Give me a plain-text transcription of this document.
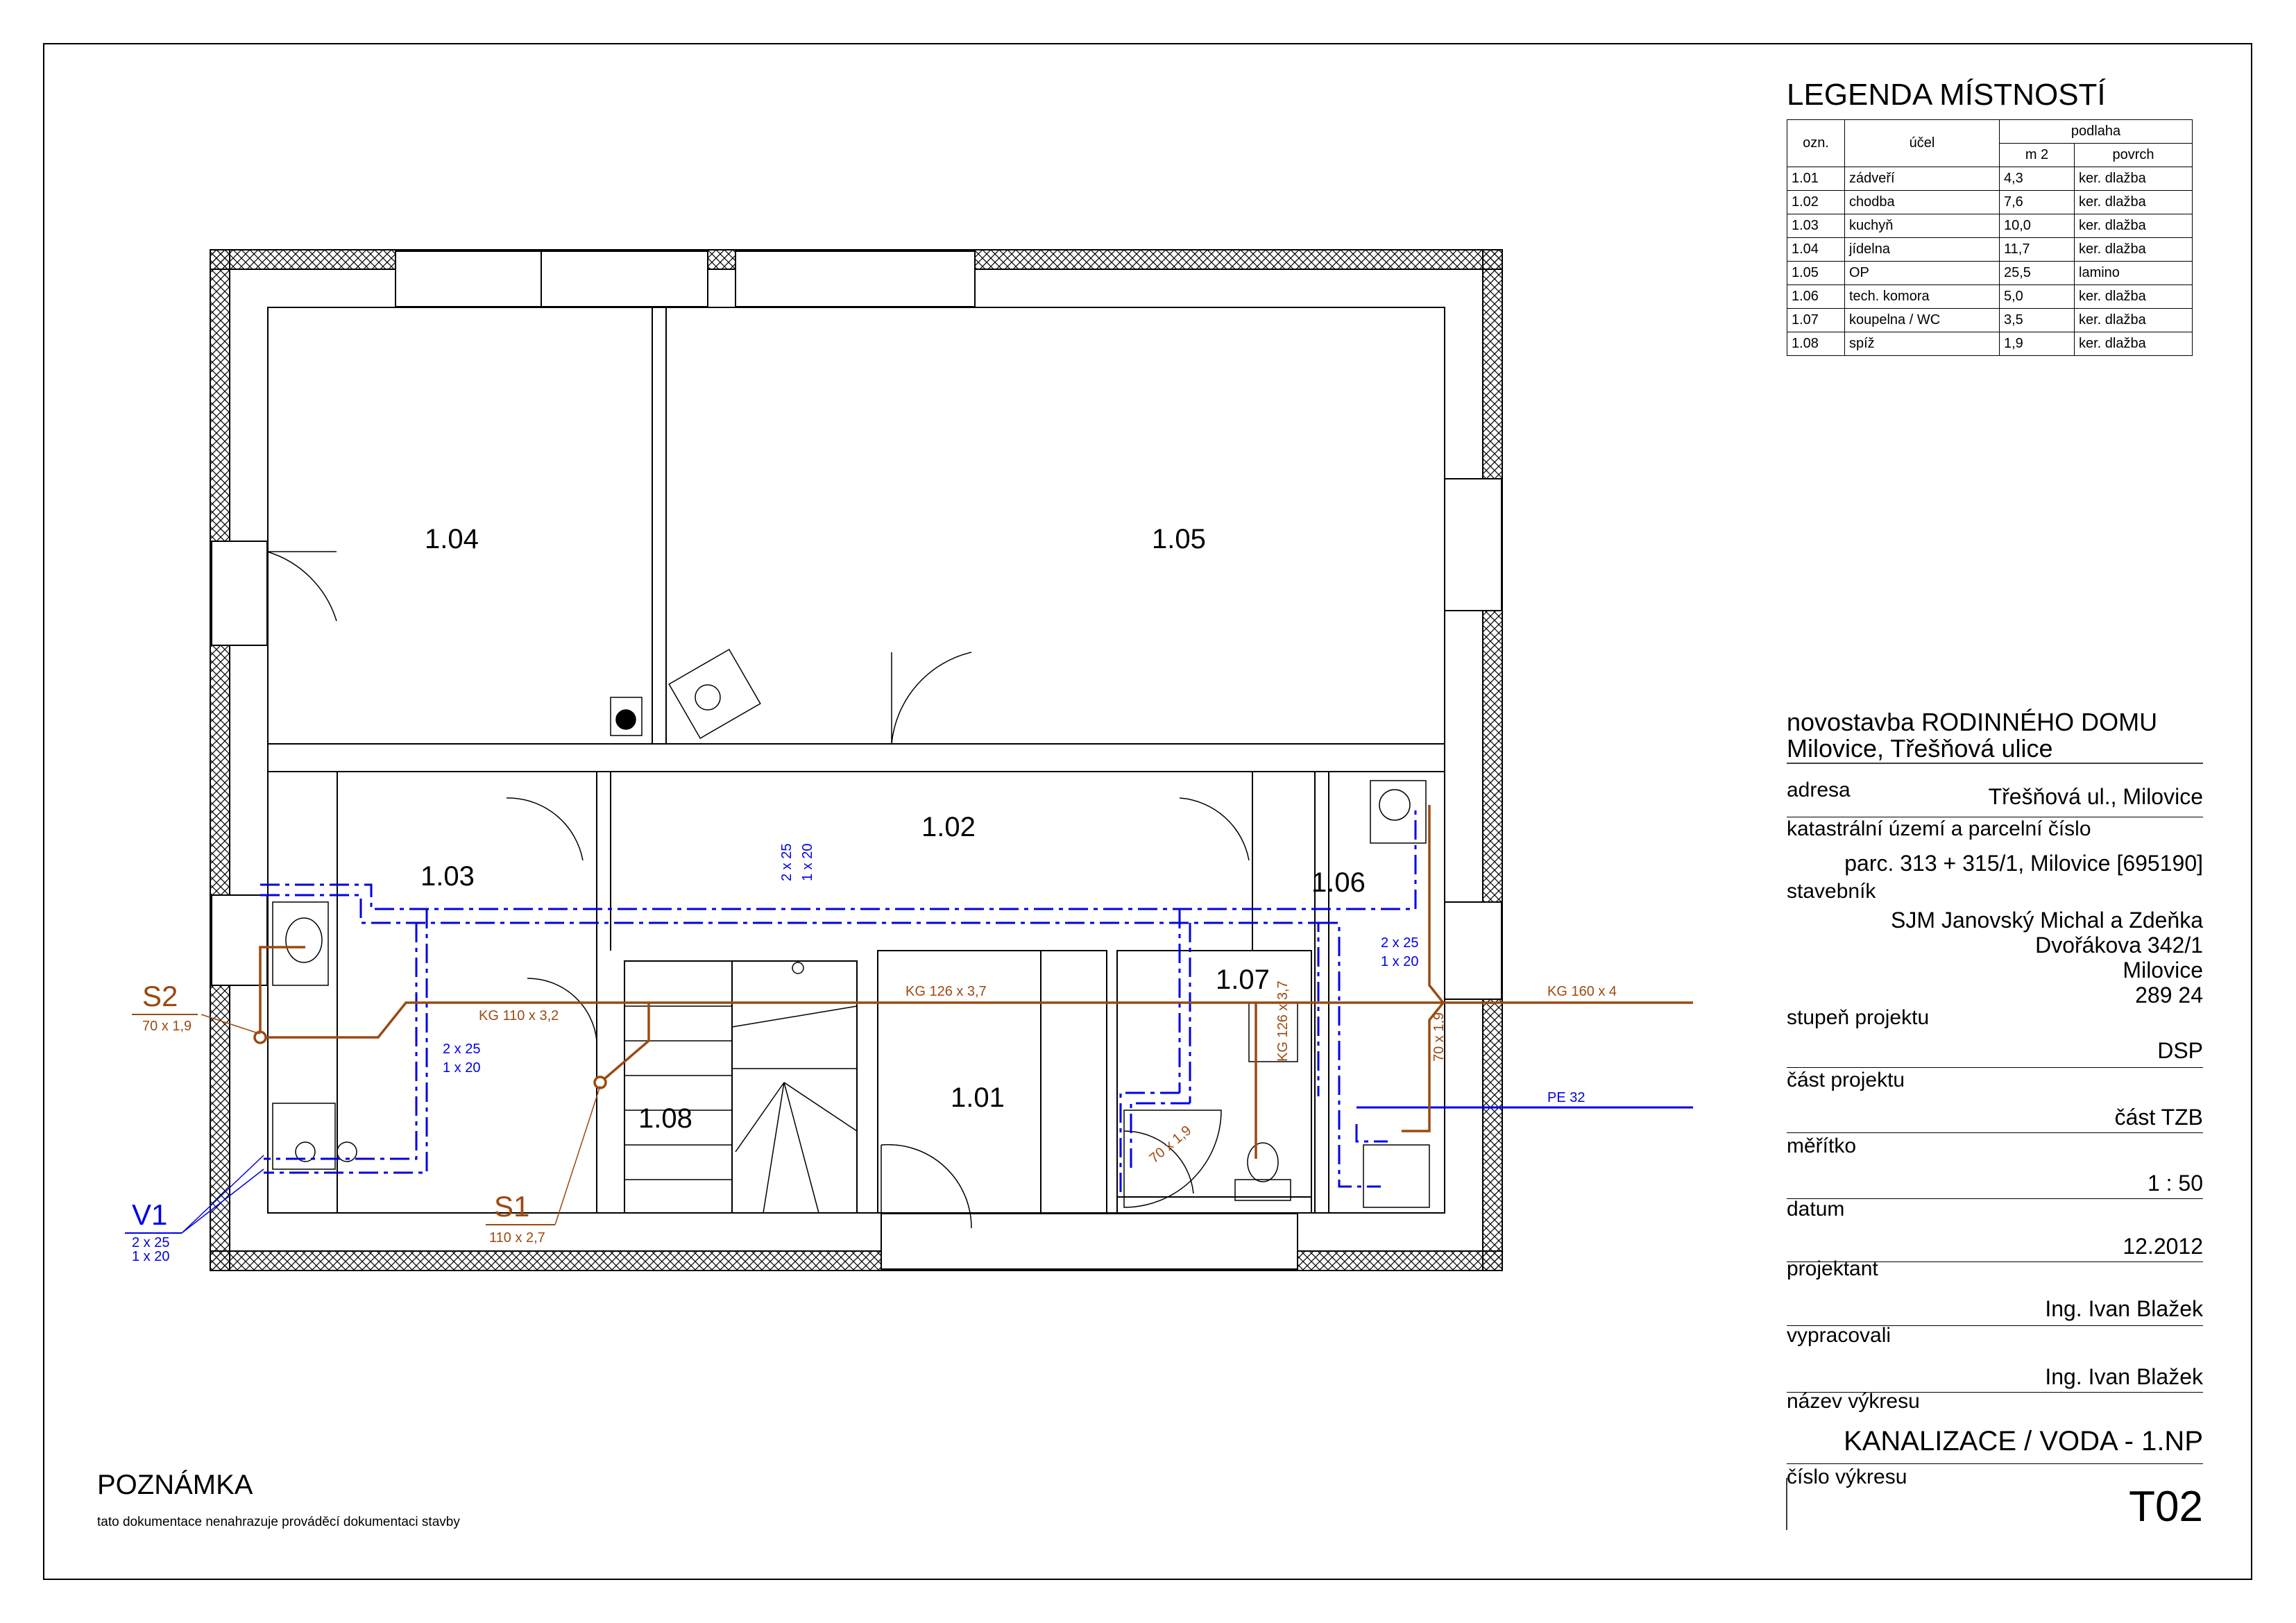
1.04	1.05
1.03
1.02
1.06
1.07
1.08
1.01
S2
70 x 1,9
S1
110 x 2,7
V1
2 x 25
1 x 20
KG 110 x 3,2
KG 126 x 3,7	KG 160 x 4
PE 32
KG 126 x 3,7
70 x 1,9
70 x 1,9
2 x 25 1 x 20
2 x 25
1 x 20
2 x 25
1 x 20
LEGENDA MÍSTNOSTÍ
ozn.	účel	podlaha	
		m 2	povrch
1.01	zádveří	4,3	ker. dlažba
1.02	chodba	7,6	ker. dlažba
1.03	kuchyň	10,0	ker. dlažba
1.04	jídelna	11,7	ker. dlažba
1.05	OP	25,5	lamino
1.06	tech. komora	5,0	ker. dlažba
1.07	koupelna / WC	3,5	ker. dlažba
1.08	spíž	1,9	ker. dlažba
novostavba RODINNÉHO DOMU
Milovice, Třešňová ulice
adresa	Třešňová ul., Milovice
katastrální území a parcelní číslo
parc. 313 + 315/1, Milovice [695190]
stavebník
SJM Janovský Michal a Zdeňka
Dvořákova 342/1
Milovice
289 24
stupeň projektu
DSP
část projektu
část TZB
měřítko
1 : 50
datum
12.2012
projektant
Ing. Ivan Blažek
vypracovali
Ing. Ivan Blažek
název výkresu
KANALIZACE / VODA - 1.NP
číslo výkresu
T02
POZNÁMKA
tato dokumentace nenahrazuje prováděcí dokumentaci stavby
